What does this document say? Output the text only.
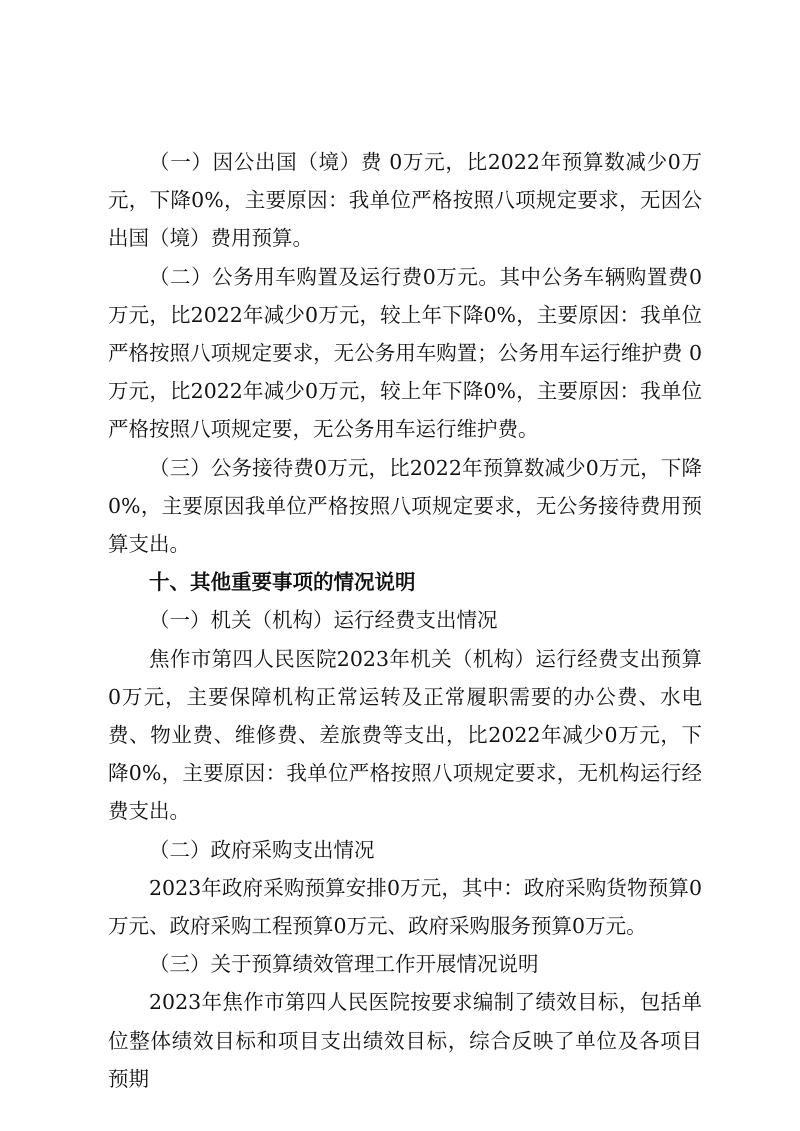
（一）因公出国（境）费 0万元，比2022年预算数减少0万元，下降0%，主要原因：我单位严格按照八项规定要求，无因公出国（境）费用预算。

（二）公务用车购置及运行费0万元。其中公务车辆购置费0万元，比2022年减少0万元，较上年下降0%，主要原因：我单位严格按照八项规定要求，无公务用车购置；公务用车运行维护费 0万元，比2022年减少0万元，较上年下降0%，主要原因：我单位严格按照八项规定要，无公务用车运行维护费。

（三）公务接待费0万元，比2022年预算数减少0万元，下降0%，主要原因我单位严格按照八项规定要求，无公务接待费用预算支出。

十、其他重要事项的情况说明

（一）机关（机构）运行经费支出情况

焦作市第四人民医院2023年机关（机构）运行经费支出预算0万元，主要保障机构正常运转及正常履职需要的办公费、水电费、物业费、维修费、差旅费等支出，比2022年减少0万元，下降0%，主要原因：我单位严格按照八项规定要求，无机构运行经费支出。

（二）政府采购支出情况

2023年政府采购预算安排0万元，其中：政府采购货物预算0万元、政府采购工程预算0万元、政府采购服务预算0万元。

（三）关于预算绩效管理工作开展情况说明

2023年焦作市第四人民医院按要求编制了绩效目标，包括单位整体绩效目标和项目支出绩效目标，综合反映了单位及各项目预期
